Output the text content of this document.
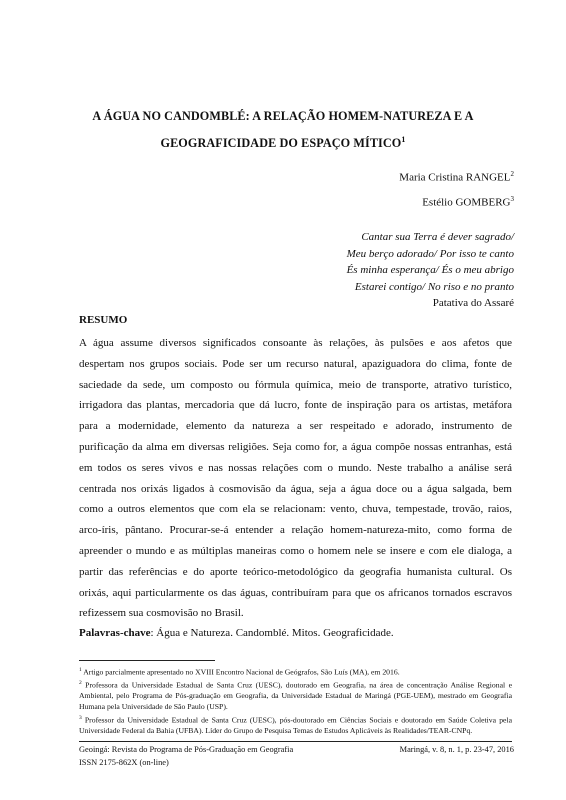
A ÁGUA NO CANDOMBLÉ: A RELAÇÃO HOMEM-NATUREZA E A
GEOGRAFICIDADE DO ESPAÇO MÍTICO$^1$
Maria Cristina RANGEL$^2$
Estélio GOMBERG$^3$
Cantar sua Terra é dever sagrado/
Meu berço adorado/ Por isso te canto
És minha esperança/ És o meu abrigo
Estarei contigo/ No riso e no pranto
Patativa do Assaré
RESUMO
A água assume diversos significados consoante às relações, às pulsões e aos afetos que
despertam nos grupos sociais. Pode ser um recurso natural, apaziguadora do clima, fonte de
saciedade da sede, um composto ou fórmula química, meio de transporte, atrativo turístico,
irrigadora das plantas, mercadoria que dá lucro, fonte de inspiração para os artistas, metáfora
para a modernidade, elemento da natureza a ser respeitado e adorado, instrumento de
purificação da alma em diversas religiões. Seja como for, a água compõe nossas entranhas, está
em todos os seres vivos e nas nossas relações com o mundo. Neste trabalho a análise será
centrada nos orixás ligados à cosmovisão da água, seja a água doce ou a água salgada, bem
como a outros elementos que com ela se relacionam: vento, chuva, tempestade, trovão, raios,
arco-íris, pântano. Procurar-se-á entender a relação homem-natureza-mito, como forma de
apreender o mundo e as múltiplas maneiras como o homem nele se insere e com ele dialoga, a
partir das referências e do aporte teórico-metodológico da geografia humanista cultural. Os
orixás, aqui particularmente os das águas, contribuíram para que os africanos tornados escravos
refizessem sua cosmovisão no Brasil.
Palavras-chave: Água e Natureza. Candomblé. Mitos. Geograficidade.
$^1$ Artigo parcialmente apresentado no XVIII Encontro Nacional de Geógrafos, São Luís (MA), em 2016.
$^2$ Professora da Universidade Estadual de Santa Cruz (UESC), doutorado em Geografia, na área de concentração Análise Regional e Ambiental, pelo Programa de Pós-graduação em Geografia, da Universidade Estadual de Maringá (PGE-UEM), mestrado em Geografia Humana pela Universidade de São Paulo (USP).
$^3$ Professor da Universidade Estadual de Santa Cruz (UESC), pós-doutorado em Ciências Sociais e doutorado em Saúde Coletiva pela Universidade Federal da Bahia (UFBA). Líder do Grupo de Pesquisa Temas de Estudos Aplicáveis às Realidades/TEAR-CNPq.
Geoingá: Revista do Programa de Pós-Graduação em Geografia
ISSN 2175-862X (on-line)
Maringá, v. 8, n. 1, p. 23-47, 2016
